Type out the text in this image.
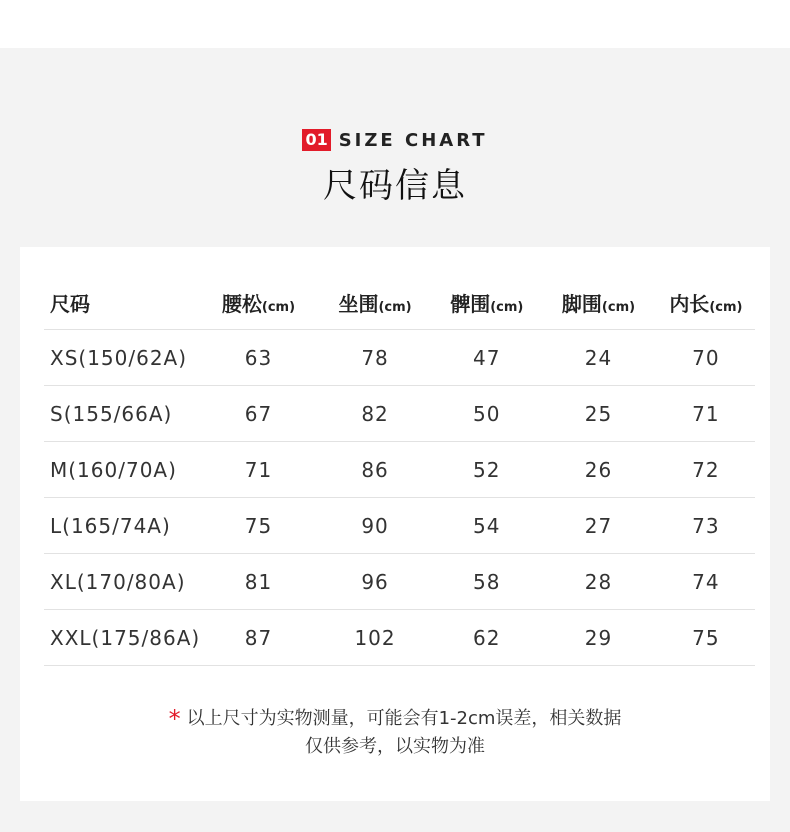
01 SIZE CHART
尺码信息
尺码	腰松(cm)	坐围(cm)	髀围(cm)	脚围(cm)	内长(cm)
XS(150/62A)	63	78	47	24	70
S(155/66A)	67	82	50	25	71
M(160/70A)	71	86	52	26	72
L(165/74A)	75	90	54	27	73
XL(170/80A)	81	96	58	28	74
XXL(175/86A)	87	102	62	29	75
* 以上尺寸为实物测量，可能会有1-2cm误差，相关数据
仅供参考，以实物为准
